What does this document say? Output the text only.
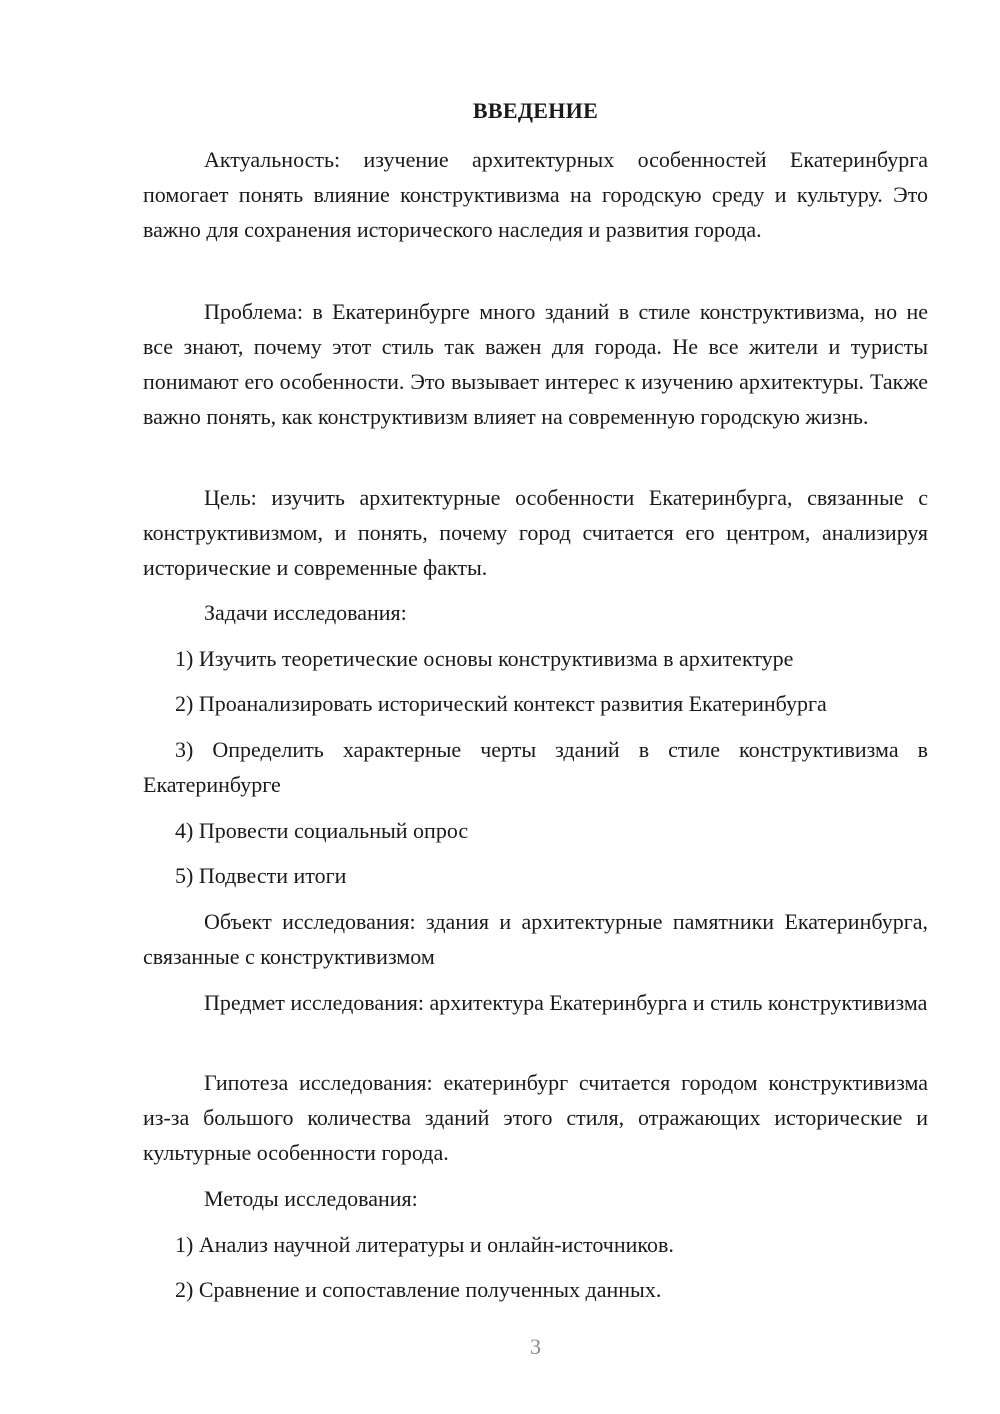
ВВЕДЕНИЕ

Актуальность: изучение архитектурных особенностей Екатеринбурга помогает понять влияние конструктивизма на городскую среду и культуру. Это важно для сохранения исторического наследия и развития города.

Проблема: в Екатеринбурге много зданий в стиле конструктивизма, но не все знают, почему этот стиль так важен для города. Не все жители и туристы понимают его особенности. Это вызывает интерес к изучению архитектуры. Также важно понять, как конструктивизм влияет на современную городскую жизнь.

Цель: изучить архитектурные особенности Екатеринбурга, связанные с конструктивизмом, и понять, почему город считается его центром, анализируя исторические и современные факты.

Задачи исследования:

1) Изучить теоретические основы конструктивизма в архитектуре

2) Проанализировать исторический контекст развития Екатеринбурга

3) Определить характерные черты зданий в стиле конструктивизма в Екатеринбурге

4) Провести социальный опрос

5) Подвести итоги

Объект исследования: здания и архитектурные памятники Екатеринбурга, связанные с конструктивизмом

Предмет исследования: архитектура Екатеринбурга и стиль конструктивизма

Гипотеза исследования: екатеринбург считается городом конструктивизма из-за большого количества зданий этого стиля, отражающих исторические и культурные особенности города.

Методы исследования:

1) Анализ научной литературы и онлайн-источников.

2) Сравнение и сопоставление полученных данных.

3
